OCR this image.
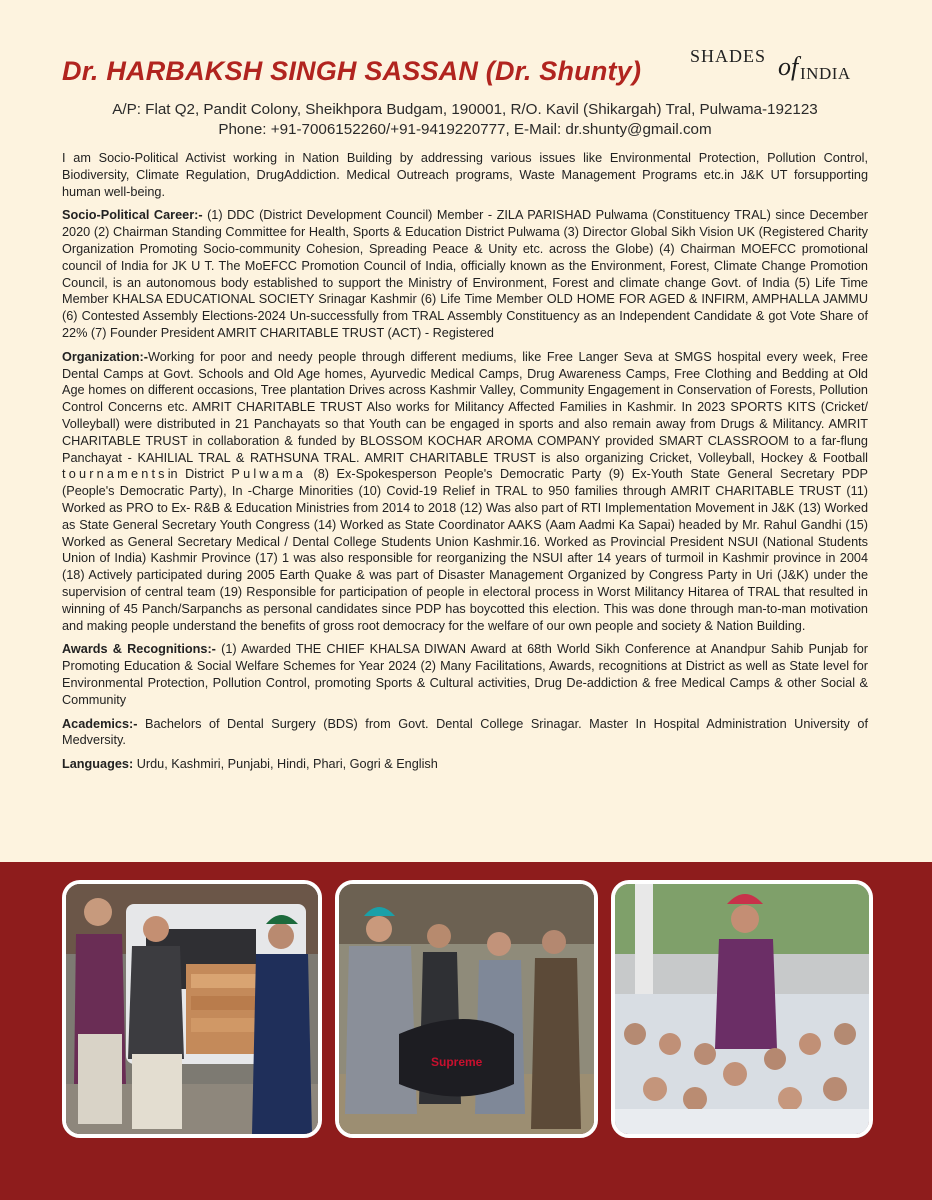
Dr. HARBAKSH SINGH SASSAN (Dr. Shunty)	SHADES of INDIA
A/P: Flat Q2, Pandit Colony, Sheikhpora Budgam, 190001, R/O. Kavil (Shikargah) Tral, Pulwama-192123
Phone: +91-7006152260/+91-9419220777, E-Mail: dr.shunty@gmail.com

I am Socio-Political Activist working in Nation Building by addressing various issues like Environmental Protection, Pollution Control, Biodiversity, Climate Regulation, DrugAddiction. Medical Outreach programs, Waste Management Programs etc.in J&K UT forsupporting human well-being.

Socio-Political Career:- (1) DDC (District Development Council) Member - ZILA PARISHAD Pulwama (Constituency TRAL) since December 2020 (2) Chairman Standing Committee for Health, Sports & Education District Pulwama (3) Director Global Sikh Vision UK (Registered Charity Organization Promoting Socio-community Cohesion, Spreading Peace & Unity etc. across the Globe) (4) Chairman MOEFCC promotional council of India for JK U T. The MoEFCC Promotion Council of India, officially known as the Environment, Forest, Climate Change Promotion Council, is an autonomous body established to support the Ministry of Environment, Forest and climate change Govt. of India (5) Life Time Member KHALSA EDUCATIONAL SOCIETY Srinagar Kashmir (6) Life Time Member OLD HOME FOR AGED & INFIRM, AMPHALLA JAMMU (6) Contested Assembly Elections-2024 Un-successfully from TRAL Assembly Constituency as an Independent Candidate & got Vote Share of 22% (7) Founder President AMRIT CHARITABLE TRUST (ACT) - Registered

Organization:-Working for poor and needy people through different mediums, like Free Langer Seva at SMGS hospital every week, Free Dental Camps at Govt. Schools and Old Age homes, Ayurvedic Medical Camps, Drug Awareness Camps, Free Clothing and Bedding at Old Age homes on different occasions, Tree plantation Drives across Kashmir Valley, Community Engagement in Conservation of Forests, Pollution Control Concerns etc. AMRIT CHARITABLE TRUST Also works for Militancy Affected Families in Kashmir. In 2023 SPORTS KITS (Cricket/ Volleyball) were distributed in 21 Panchayats so that Youth can be engaged in sports and also remain away from Drugs & Militancy. AMRIT CHARITABLE TRUST in collaboration & funded by BLOSSOM KOCHAR AROMA COMPANY provided SMART CLASSROOM to a far-flung Panchayat - KAHILIAL TRAL & RATHSUNA TRAL. AMRIT CHARITABLE TRUST is also organizing Cricket, Volleyball, Hockey & Football tournamentsin District Pulwama (8) Ex-Spokesperson People's Democratic Party (9) Ex-Youth State General Secretary PDP (People's Democratic Party), In -Charge Minorities (10) Covid-19 Relief in TRAL to 950 families through AMRIT CHARITABLE TRUST (11) Worked as PRO to Ex- R&B & Education Ministries from 2014 to 2018 (12) Was also part of RTI Implementation Movement in J&K (13) Worked as State General Secretary Youth Congress (14) Worked as State Coordinator AAKS (Aam Aadmi Ka Sapai) headed by Mr. Rahul Gandhi (15) Worked as General Secretary Medical / Dental College Students Union Kashmir.16. Worked as Provincial President NSUI (National Students Union of India) Kashmir Province (17) 1 was also responsible for reorganizing the NSUI after 14 years of turmoil in Kashmir province in 2004 (18) Actively participated during 2005 Earth Quake & was part of Disaster Management Organized by Congress Party in Uri (J&K) under the supervision of central team (19) Responsible for participation of people in electoral process in Worst Militancy Hitarea of TRAL that resulted in winning of 45 Panch/Sarpanchs as personal candidates since PDP has boycotted this election. This was done through man-to-man motivation and making people understand the benefits of gross root democracy for the welfare of our own people and society & Nation Building.

Awards & Recognitions:- (1) Awarded THE CHIEF KHALSA DIWAN Award at 68th World Sikh Conference at Anandpur Sahib Punjab for Promoting Education & Social Welfare Schemes for Year 2024 (2) Many Facilitations, Awards, recognitions at District as well as State level for Environmental Protection, Pollution Control, promoting Sports & Cultural activities, Drug De-addiction & free Medical Camps & other Social & Community

Academics:- Bachelors of Dental Surgery (BDS) from Govt. Dental College Srinagar. Master In Hospital Administration University of Medversity.

Languages: Urdu, Kashmiri, Punjabi, Hindi, Phari, Gogri & English

Supreme
